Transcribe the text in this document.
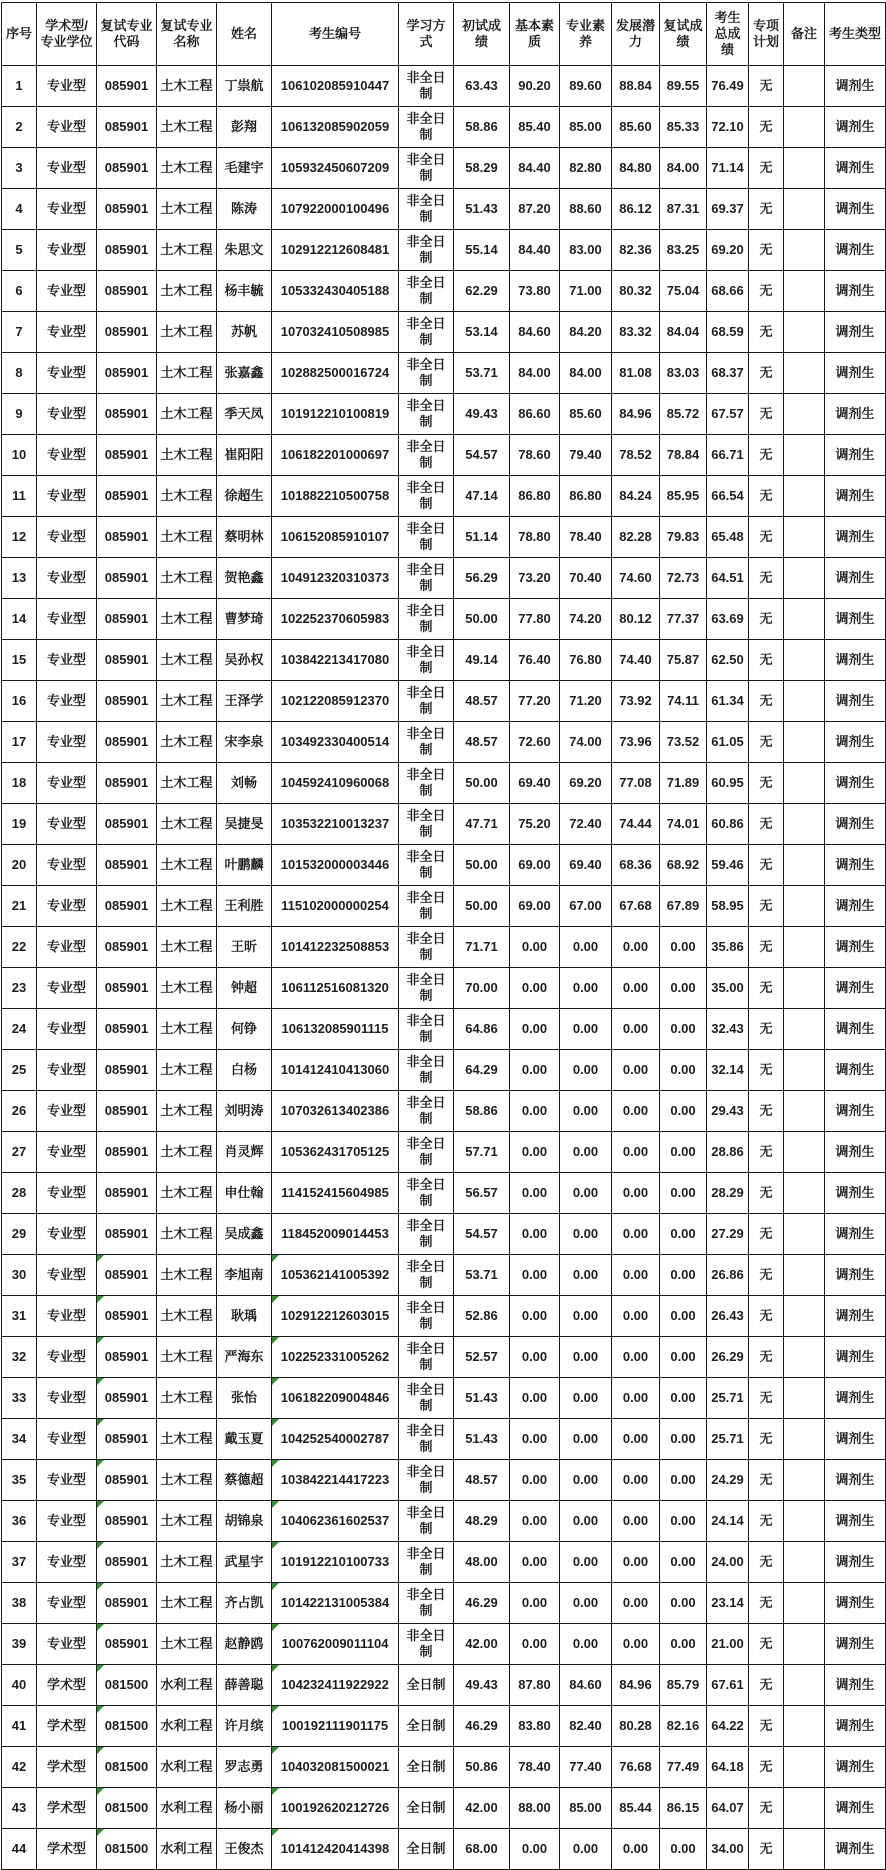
序号	学术型/专业学位	复试专业代码	复试专业名称	姓名	考生编号	学习方式	初试成绩	基本素质	专业素养	发展潜力	复试成绩	考生总成绩	专项计划	备注	考生类型
1	专业型	085901	土木工程	丁祟航	106102085910447	非全日制	63.43	90.20	89.60	88.84	89.55	76.49	无		调剂生
2	专业型	085901	土木工程	彭翔	106132085902059	非全日制	58.86	85.40	85.00	85.60	85.33	72.10	无		调剂生
3	专业型	085901	土木工程	毛建宇	105932450607209	非全日制	58.29	84.40	82.80	84.80	84.00	71.14	无		调剂生
4	专业型	085901	土木工程	陈涛	107922000100496	非全日制	51.43	87.20	88.60	86.12	87.31	69.37	无		调剂生
5	专业型	085901	土木工程	朱思文	102912212608481	非全日制	55.14	84.40	83.00	82.36	83.25	69.20	无		调剂生
6	专业型	085901	土木工程	杨丰毓	105332430405188	非全日制	62.29	73.80	71.00	80.32	75.04	68.66	无		调剂生
7	专业型	085901	土木工程	苏帆	107032410508985	非全日制	53.14	84.60	84.20	83.32	84.04	68.59	无		调剂生
8	专业型	085901	土木工程	张嘉鑫	102882500016724	非全日制	53.71	84.00	84.00	81.08	83.03	68.37	无		调剂生
9	专业型	085901	土木工程	季天凤	101912210100819	非全日制	49.43	86.60	85.60	84.96	85.72	67.57	无		调剂生
10	专业型	085901	土木工程	崔阳阳	106182201000697	非全日制	54.57	78.60	79.40	78.52	78.84	66.71	无		调剂生
11	专业型	085901	土木工程	徐超生	101882210500758	非全日制	47.14	86.80	86.80	84.24	85.95	66.54	无		调剂生
12	专业型	085901	土木工程	蔡明林	106152085910107	非全日制	51.14	78.80	78.40	82.28	79.83	65.48	无		调剂生
13	专业型	085901	土木工程	贺艳鑫	104912320310373	非全日制	56.29	73.20	70.40	74.60	72.73	64.51	无		调剂生
14	专业型	085901	土木工程	曹梦琦	102252370605983	非全日制	50.00	77.80	74.20	80.12	77.37	63.69	无		调剂生
15	专业型	085901	土木工程	吴孙权	103842213417080	非全日制	49.14	76.40	76.80	74.40	75.87	62.50	无		调剂生
16	专业型	085901	土木工程	王泽学	102122085912370	非全日制	48.57	77.20	71.20	73.92	74.11	61.34	无		调剂生
17	专业型	085901	土木工程	宋李泉	103492330400514	非全日制	48.57	72.60	74.00	73.96	73.52	61.05	无		调剂生
18	专业型	085901	土木工程	刘畅	104592410960068	非全日制	50.00	69.40	69.20	77.08	71.89	60.95	无		调剂生
19	专业型	085901	土木工程	吴捷旻	103532210013237	非全日制	47.71	75.20	72.40	74.44	74.01	60.86	无		调剂生
20	专业型	085901	土木工程	叶鹏麟	101532000003446	非全日制	50.00	69.00	69.40	68.36	68.92	59.46	无		调剂生
21	专业型	085901	土木工程	王利胜	115102000000254	非全日制	50.00	69.00	67.00	67.68	67.89	58.95	无		调剂生
22	专业型	085901	土木工程	王昕	101412232508853	非全日制	71.71	0.00	0.00	0.00	0.00	35.86	无		调剂生
23	专业型	085901	土木工程	钟超	106112516081320	非全日制	70.00	0.00	0.00	0.00	0.00	35.00	无		调剂生
24	专业型	085901	土木工程	何铮	106132085901115	非全日制	64.86	0.00	0.00	0.00	0.00	32.43	无		调剂生
25	专业型	085901	土木工程	白杨	101412410413060	非全日制	64.29	0.00	0.00	0.00	0.00	32.14	无		调剂生
26	专业型	085901	土木工程	刘明涛	107032613402386	非全日制	58.86	0.00	0.00	0.00	0.00	29.43	无		调剂生
27	专业型	085901	土木工程	肖灵辉	105362431705125	非全日制	57.71	0.00	0.00	0.00	0.00	28.86	无		调剂生
28	专业型	085901	土木工程	申仕翰	114152415604985	非全日制	56.57	0.00	0.00	0.00	0.00	28.29	无		调剂生
29	专业型	085901	土木工程	吴成鑫	118452009014453	非全日制	54.57	0.00	0.00	0.00	0.00	27.29	无		调剂生
30	专业型	085901	土木工程	李旭南	105362141005392	非全日制	53.71	0.00	0.00	0.00	0.00	26.86	无		调剂生
31	专业型	085901	土木工程	耿瑀	102912212603015	非全日制	52.86	0.00	0.00	0.00	0.00	26.43	无		调剂生
32	专业型	085901	土木工程	严海东	102252331005262	非全日制	52.57	0.00	0.00	0.00	0.00	26.29	无		调剂生
33	专业型	085901	土木工程	张怡	106182209004846	非全日制	51.43	0.00	0.00	0.00	0.00	25.71	无		调剂生
34	专业型	085901	土木工程	戴玉夏	104252540002787	非全日制	51.43	0.00	0.00	0.00	0.00	25.71	无		调剂生
35	专业型	085901	土木工程	蔡德超	103842214417223	非全日制	48.57	0.00	0.00	0.00	0.00	24.29	无		调剂生
36	专业型	085901	土木工程	胡锦泉	104062361602537	非全日制	48.29	0.00	0.00	0.00	0.00	24.14	无		调剂生
37	专业型	085901	土木工程	武星宇	101912210100733	非全日制	48.00	0.00	0.00	0.00	0.00	24.00	无		调剂生
38	专业型	085901	土木工程	齐占凯	101422131005384	非全日制	46.29	0.00	0.00	0.00	0.00	23.14	无		调剂生
39	专业型	085901	土木工程	赵静鸥	100762009011104	非全日制	42.00	0.00	0.00	0.00	0.00	21.00	无		调剂生
40	学术型	081500	水利工程	薛善聪	104232411922922	全日制	49.43	87.80	84.60	84.96	85.79	67.61	无		调剂生
41	学术型	081500	水利工程	许月缤	100192111901175	全日制	46.29	83.80	82.40	80.28	82.16	64.22	无		调剂生
42	学术型	081500	水利工程	罗志勇	104032081500021	全日制	50.86	78.40	77.40	76.68	77.49	64.18	无		调剂生
43	学术型	081500	水利工程	杨小丽	100192620212726	全日制	42.00	88.00	85.00	85.44	86.15	64.07	无		调剂生
44	学术型	081500	水利工程	王俊杰	101412420414398	全日制	68.00	0.00	0.00	0.00	0.00	34.00	无		调剂生
